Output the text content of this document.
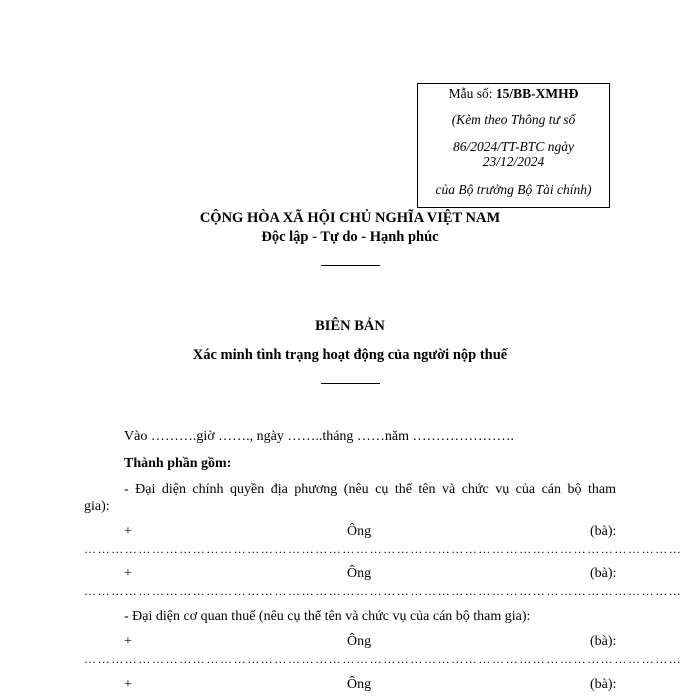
Mẫu số: 15/BB-XMHĐ
(Kèm theo Thông tư số
86/2024/TT-BTC ngày
23/12/2024
của Bộ trưởng Bộ Tài chính)
CỘNG HÒA XÃ HỘI CHỦ NGHĨA VIỆT NAM
Độc lập - Tự do - Hạnh phúc
BIÊN BẢN
Xác minh tình trạng hoạt động của người nộp thuế
Vào ……….giờ ……., ngày ……..tháng ……năm ………………….
Thành phần gồm:
- Đại diện chính quyền địa phương (nêu cụ thể tên và chức vụ của cán bộ tham
gia):
+	Ông	(bà):
……………………………………………………………………………………………………………………
+	Ông	(bà):
……………………………………………………………………………………………………………………
- Đại diện cơ quan thuế (nêu cụ thể tên và chức vụ của cán bộ tham gia):
+	Ông	(bà):
……………………………………………………………………………………………………………………
+	Ông	(bà):
